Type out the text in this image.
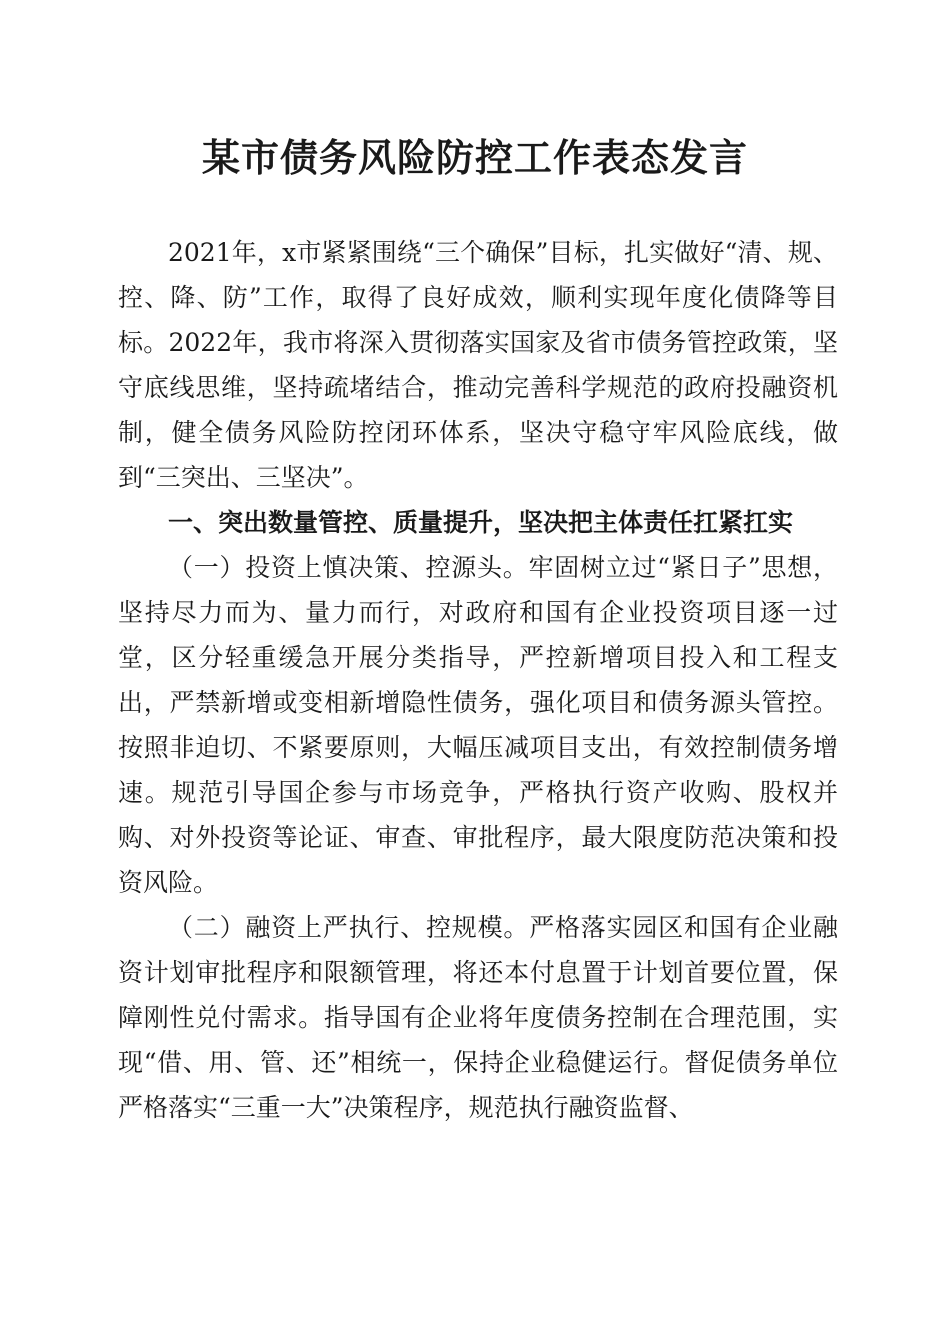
某市债务风险防控工作表态发言

2021年，x市紧紧围绕“三个确保”目标，扎实做好“清、规、控、降、防”工作，取得了良好成效，顺利实现年度化债降等目标。2022年，我市将深入贯彻落实国家及省市债务管控政策，坚守底线思维，坚持疏堵结合，推动完善科学规范的政府投融资机制，健全债务风险防控闭环体系，坚决守稳守牢风险底线，做到“三突出、三坚决”。

一、突出数量管控、质量提升，坚决把主体责任扛紧扛实

（一）投资上慎决策、控源头。牢固树立过“紧日子”思想，坚持尽力而为、量力而行，对政府和国有企业投资项目逐一过堂，区分轻重缓急开展分类指导，严控新增项目投入和工程支出，严禁新增或变相新增隐性债务，强化项目和债务源头管控。按照非迫切、不紧要原则，大幅压减项目支出，有效控制债务增速。规范引导国企参与市场竞争，严格执行资产收购、股权并购、对外投资等论证、审查、审批程序，最大限度防范决策和投资风险。

（二）融资上严执行、控规模。严格落实园区和国有企业融资计划审批程序和限额管理，将还本付息置于计划首要位置，保障刚性兑付需求。指导国有企业将年度债务控制在合理范围，实现“借、用、管、还”相统一，保持企业稳健运行。督促债务单位严格落实“三重一大”决策程序，规范执行融资监督、
